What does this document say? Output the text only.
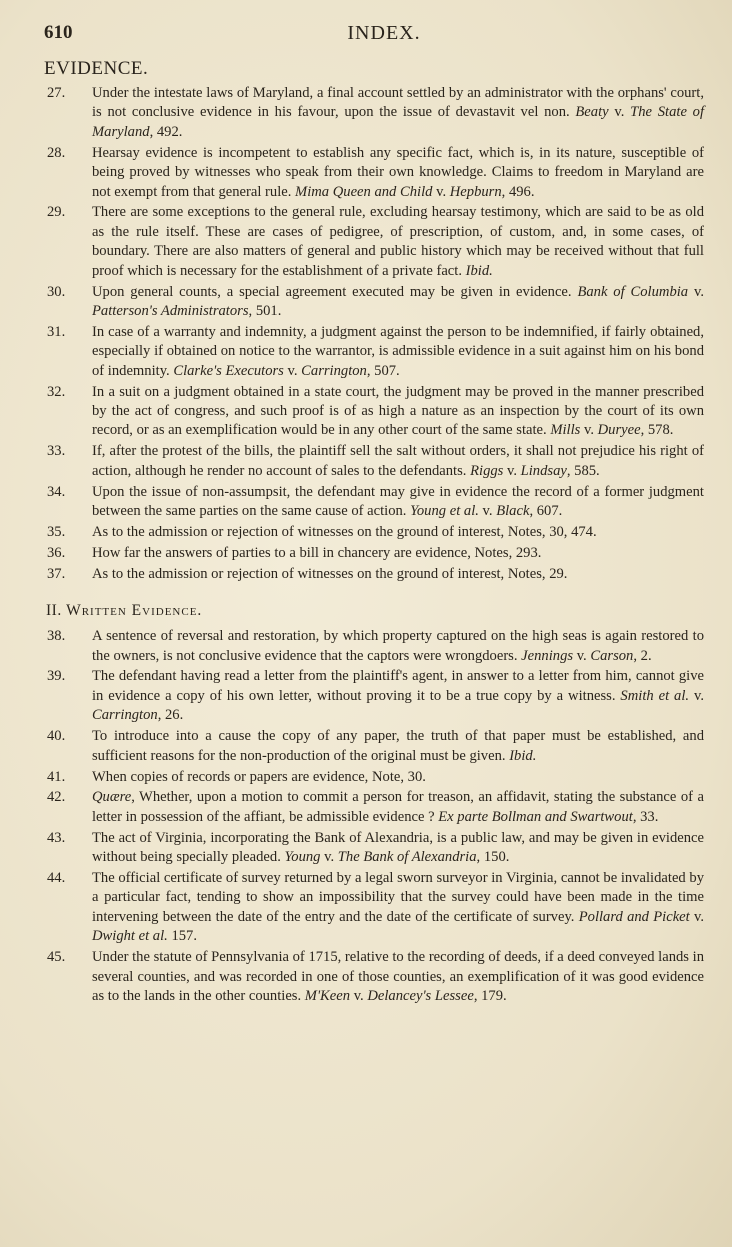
610	INDEX.
EVIDENCE.
27. Under the intestate laws of Maryland, a final account settled by an administrator with the orphans' court, is not conclusive evidence in his favour, upon the issue of devastavit vel non. Beaty v. The State of Maryland, 492.
28. Hearsay evidence is incompetent to establish any specific fact, which is, in its nature, susceptible of being proved by witnesses who speak from their own knowledge. Claims to freedom in Maryland are not exempt from that general rule. Mima Queen and Child v. Hepburn, 496.
29. There are some exceptions to the general rule, excluding hearsay testimony, which are said to be as old as the rule itself. These are cases of pedigree, of prescription, of custom, and, in some cases, of boundary. There are also matters of general and public history which may be received without that full proof which is necessary for the establishment of a private fact. Ibid.
30. Upon general counts, a special agreement executed may be given in evidence. Bank of Columbia v. Patterson's Administrators, 501.
31. In case of a warranty and indemnity, a judgment against the person to be indemnified, if fairly obtained, especially if obtained on notice to the warrantor, is admissible evidence in a suit against him on his bond of indemnity. Clarke's Executors v. Carrington, 507.
32. In a suit on a judgment obtained in a state court, the judgment may be proved in the manner prescribed by the act of congress, and such proof is of as high a nature as an inspection by the court of its own record, or as an exemplification would be in any other court of the same state. Mills v. Duryee, 578.
33. If, after the protest of the bills, the plaintiff sell the salt without orders, it shall not prejudice his right of action, although he render no account of sales to the defendants. Riggs v. Lindsay, 585.
34. Upon the issue of non-assumpsit, the defendant may give in evidence the record of a former judgment between the same parties on the same cause of action. Young et al. v. Black, 607.
35. As to the admission or rejection of witnesses on the ground of interest, Notes, 30, 474.
36. How far the answers of parties to a bill in chancery are evidence, Notes, 293.
37. As to the admission or rejection of witnesses on the ground of interest, Notes, 29.
II. Written Evidence.
38. A sentence of reversal and restoration, by which property captured on the high seas is again restored to the owners, is not conclusive evidence that the captors were wrongdoers. Jennings v. Carson, 2.
39. The defendant having read a letter from the plaintiff's agent, in answer to a letter from him, cannot give in evidence a copy of his own letter, without proving it to be a true copy by a witness. Smith et al. v. Carrington, 26.
40. To introduce into a cause the copy of any paper, the truth of that paper must be established, and sufficient reasons for the non-production of the original must be given. Ibid.
41. When copies of records or papers are evidence, Note, 30.
42. Quære, Whether, upon a motion to commit a person for treason, an affidavit, stating the substance of a letter in possession of the affiant, be admissible evidence ? Ex parte Bollman and Swartwout, 33.
43. The act of Virginia, incorporating the Bank of Alexandria, is a public law, and may be given in evidence without being specially pleaded. Young v. The Bank of Alexandria, 150.
44. The official certificate of survey returned by a legal sworn surveyor in Virginia, cannot be invalidated by a particular fact, tending to show an impossibility that the survey could have been made in the time intervening between the date of the entry and the date of the certificate of survey. Pollard and Picket v. Dwight et al. 157.
45. Under the statute of Pennsylvania of 1715, relative to the recording of deeds, if a deed conveyed lands in several counties, and was recorded in one of those counties, an exemplification of it was good evidence as to the lands in the other counties. M'Keen v. Delancey's Lessee, 179.
